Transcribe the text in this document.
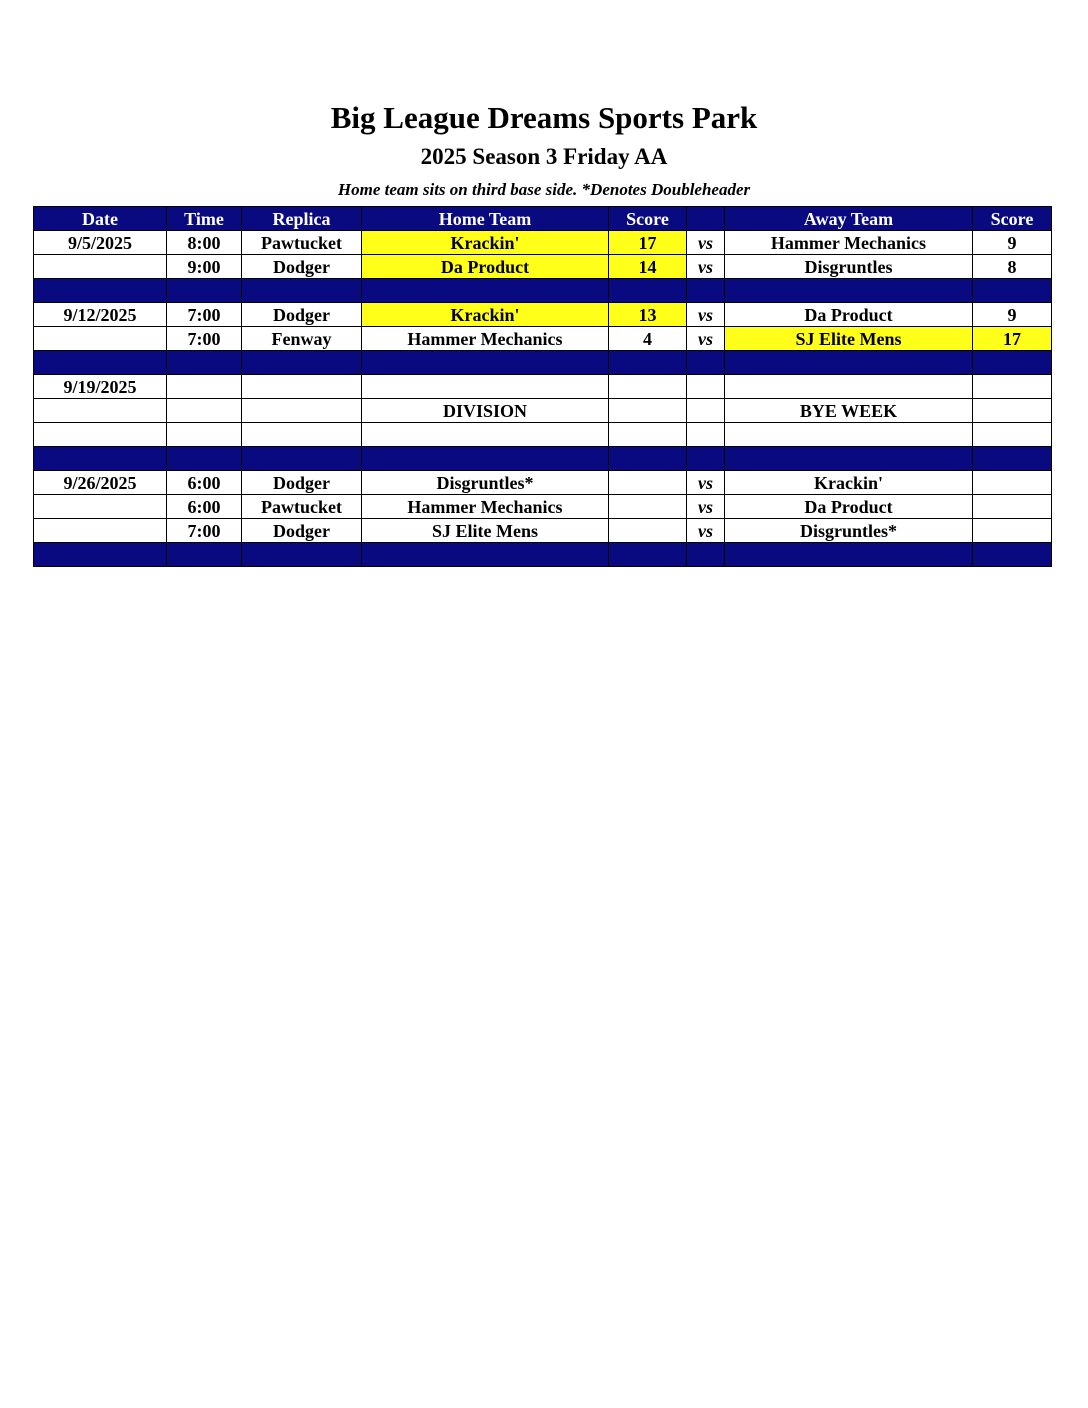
Big League Dreams Sports Park
2025 Season 3 Friday AA
Home team sits on third base side. *Denotes Doubleheader
Date	Time	Replica	Home Team	Score		Away Team	Score
9/5/2025	8:00	Pawtucket	Krackin'	17	vs	Hammer Mechanics	9
	9:00	Dodger	Da Product	14	vs	Disgruntles	8

9/12/2025	7:00	Dodger	Krackin'	13	vs	Da Product	9
	7:00	Fenway	Hammer Mechanics	4	vs	SJ Elite Mens	17

9/19/2025							
			DIVISION			BYE WEEK	

9/26/2025	6:00	Dodger	Disgruntles*		vs	Krackin'	
	6:00	Pawtucket	Hammer Mechanics		vs	Da Product	
	7:00	Dodger	SJ Elite Mens		vs	Disgruntles*	
